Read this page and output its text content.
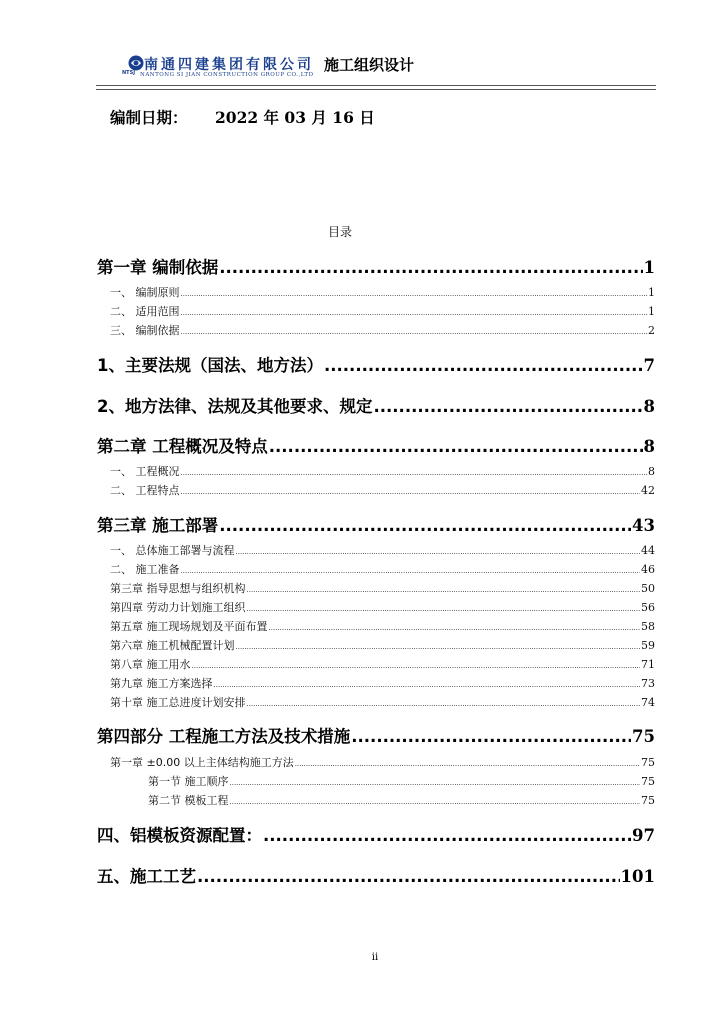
NTSJ 南通四建集团有限公司
NANTONG SI JIAN CONSTRUCTION GROUP CO.,LTD
施工组织设计
编制日期： 2022 年 03 月 16 日
目录
第一章 编制依据 .....	1
一、 编制原则 .....	1
二、 适用范围 .....	1
三、 编制依据 .....	2
1、主要法规（国法、地方法） .....	7
2、地方法律、法规及其他要求、规定 .....	8
第二章 工程概况及特点 .....	8
一、 工程概况 .....	8
二、 工程特点 .....	42
第三章 施工部署 .....	43
一、 总体施工部署与流程 .....	44
二、 施工准备 .....	46
第三章 指导思想与组织机构 .....	50
第四章 劳动力计划施工组织 .....	56
第五章 施工现场规划及平面布置 .....	58
第六章 施工机械配置计划 .....	59
第八章 施工用水 .....	71
第九章 施工方案选择 .....	73
第十章 施工总进度计划安排 .....	74
第四部分 工程施工方法及技术措施 .....	75
第一章 ±0.00 以上主体结构施工方法 .....	75
第一节 施工顺序 .....	75
第二节 模板工程 .....	75
四、铝模板资源配置： .....	97
五、施工工艺 .....	101
ii
